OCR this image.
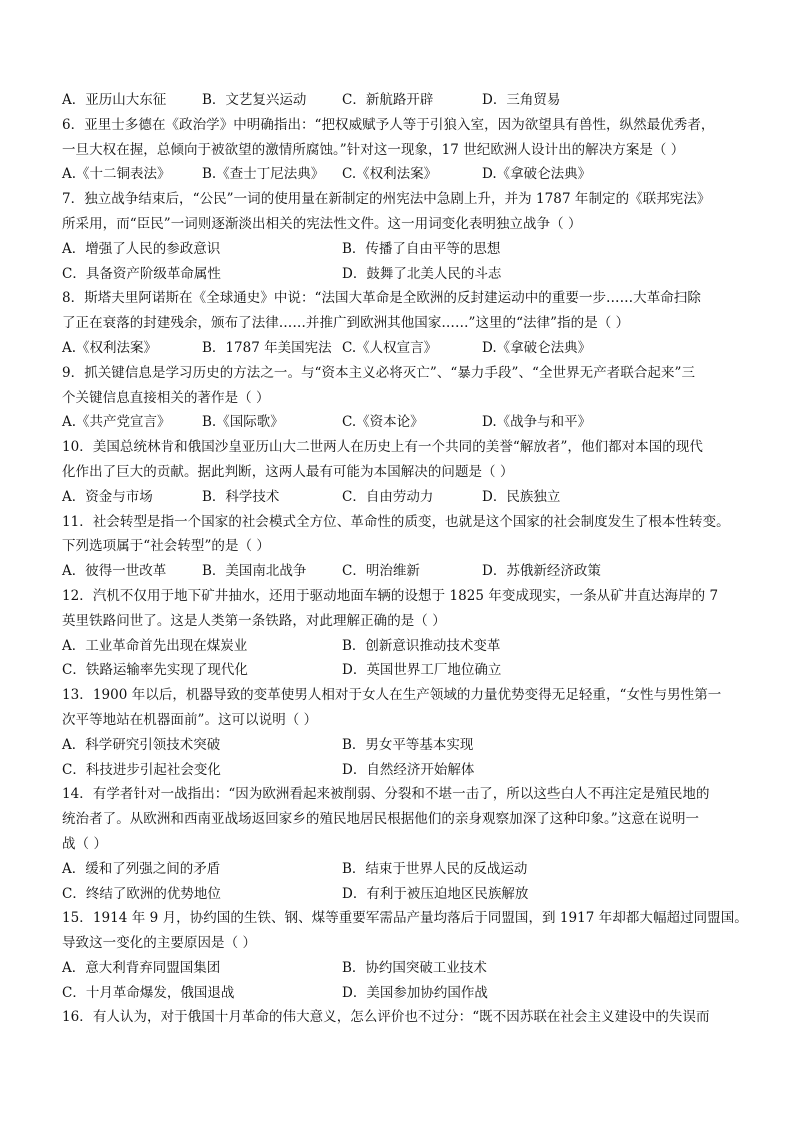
A．亚历山大东征	B．文艺复兴运动	C．新航路开辟	D．三角贸易
6．亚里士多德在《政治学》中明确指出：“把权威赋予人等于引狼入室，因为欲望具有兽性，纵然最优秀者，
一旦大权在握，总倾向于被欲望的激情所腐蚀。”针对这一现象，17 世纪欧洲人设计出的解决方案是（ ）
A.《十二铜表法》	B.《查士丁尼法典》	C.《权利法案》	D.《拿破仑法典》
7．独立战争结束后，“公民”一词的使用量在新制定的州宪法中急剧上升，并为 1787 年制定的《联邦宪法》
所采用，而“臣民”一词则逐渐淡出相关的宪法性文件。这一用词变化表明独立战争（ ）
A．增强了人民的参政意识	B．传播了自由平等的思想
C．具备资产阶级革命属性	D．鼓舞了北美人民的斗志
8．斯塔夫里阿诺斯在《全球通史》中说：“法国大革命是全欧洲的反封建运动中的重要一步……大革命扫除
了正在衰落的封建残余，颁布了法律……并推广到欧洲其他国家……”这里的“法律”指的是（ ）
A.《权利法案》	B．1787 年美国宪法 C.《人权宣言》	D.《拿破仑法典》
9．抓关键信息是学习历史的方法之一。与“资本主义必将灭亡”、“暴力手段”、“全世界无产者联合起来”三
个关键信息直接相关的著作是（ ）
A.《共产党宣言》	B.《国际歌》	C.《资本论》	D.《战争与和平》
10．美国总统林肯和俄国沙皇亚历山大二世两人在历史上有一个共同的美誉“解放者”，他们都对本国的现代
化作出了巨大的贡献。据此判断，这两人最有可能为本国解决的问题是（ ）
A．资金与市场	B．科学技术	C．自由劳动力	D．民族独立
11．社会转型是指一个国家的社会模式全方位、革命性的质变，也就是这个国家的社会制度发生了根本性转变。
下列选项属于“社会转型”的是（ ）
A．彼得一世改革	B．美国南北战争	C．明治维新	D．苏俄新经济政策
12．汽机不仅用于地下矿井抽水，还用于驱动地面车辆的设想于 1825 年变成现实，一条从矿井直达海岸的 7
英里铁路问世了。这是人类第一条铁路，对此理解正确的是（ ）
A．工业革命首先出现在煤炭业	B．创新意识推动技术变革
C．铁路运输率先实现了现代化	D．英国世界工厂地位确立
13．1900 年以后，机器导致的变革使男人相对于女人在生产领域的力量优势变得无足轻重，“女性与男性第一
次平等地站在机器面前”。这可以说明（ ）
A．科学研究引领技术突破	B．男女平等基本实现
C．科技进步引起社会变化	D．自然经济开始解体
14．有学者针对一战指出：“因为欧洲看起来被削弱、分裂和不堪一击了，所以这些白人不再注定是殖民地的
统治者了。从欧洲和西南亚战场返回家乡的殖民地居民根据他们的亲身观察加深了这种印象。”这意在说明一
战（ ）
A．缓和了列强之间的矛盾	B．结束于世界人民的反战运动
C．终结了欧洲的优势地位	D．有利于被压迫地区民族解放
15．1914 年 9 月，协约国的生铁、钢、煤等重要军需品产量均落后于同盟国，到 1917 年却都大幅超过同盟国。
导致这一变化的主要原因是（ ）
A．意大利背弃同盟国集团	B．协约国突破工业技术
C．十月革命爆发，俄国退战	D．美国参加协约国作战
16．有人认为，对于俄国十月革命的伟大意义，怎么评价也不过分：“既不因苏联在社会主义建设中的失误而
